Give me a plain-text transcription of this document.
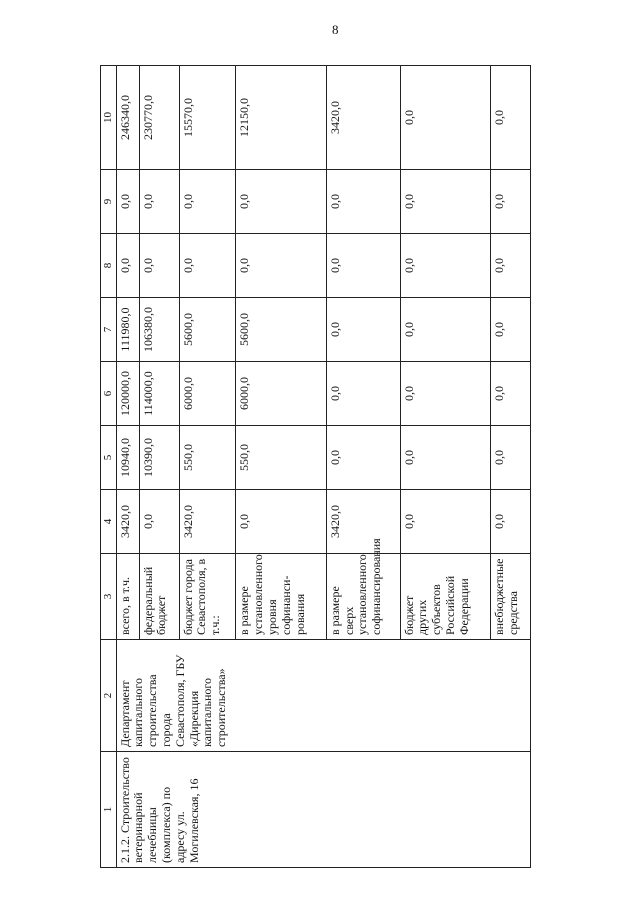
8
1	2	3	4	5	6	7	8	9	10
2.1.2. Строительство ветеринарной лечебницы (комплекса) по адресу ул. Могилевская, 16	Департамент капитального строительства города Севастополя, ГБУ «Дирекция капитального строительства»	всего, в т.ч.	3420,0	10940,0	120000,0	111980,0	0,0	0,0	246340,0
		федеральный бюджет	0,0	10390,0	114000,0	106380,0	0,0	0,0	230770,0
		бюджет города Севастополя, в т.ч.:	3420,0	550,0	6000,0	5600,0	0,0	0,0	15570,0
		в размере установленного уровня софинанси-рования	0,0	550,0	6000,0	5600,0	0,0	0,0	12150,0
		в размере сверх установленного софинансирования	3420,0	0,0	0,0	0,0	0,0	0,0	3420,0
		бюджет других субъектов Российской Федерации	0,0	0,0	0,0	0,0	0,0	0,0	0,0
		внебюджетные средства	0,0	0,0	0,0	0,0	0,0	0,0	0,0
